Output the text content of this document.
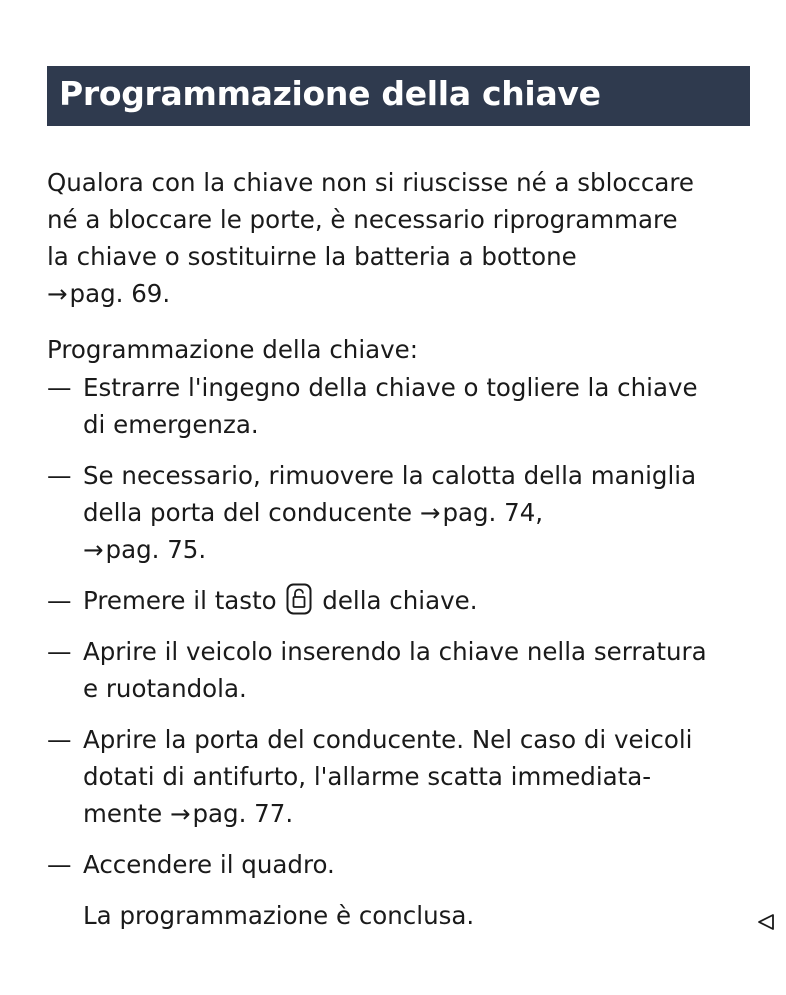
Programmazione della chiave
Qualora con la chiave non si riuscisse né a sbloccare
né a bloccare le porte, è necessario riprogrammare
la chiave o sostituirne la batteria a bottone
→pag. 69.
Programmazione della chiave:
— Estrarre l'ingegno della chiave o togliere la chiave
di emergenza.
— Se necessario, rimuovere la calotta della maniglia
della porta del conducente →pag. 74,
→pag. 75.
— Premere il tasto della chiave.
— Aprire il veicolo inserendo la chiave nella serratura
e ruotandola.
— Aprire la porta del conducente. Nel caso di veicoli
dotati di antifurto, l'allarme scatta immediata-
mente →pag. 77.
— Accendere il quadro.
La programmazione è conclusa.
